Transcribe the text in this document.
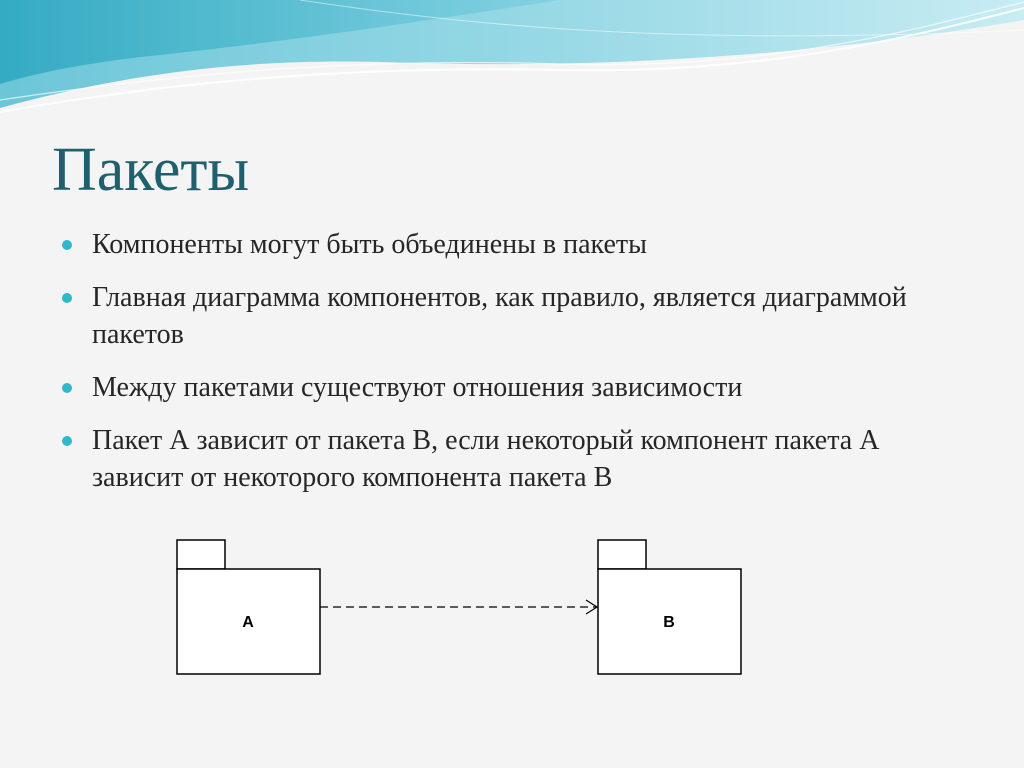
Пакеты
Компоненты могут быть объединены в пакеты
Главная диаграмма компонентов, как правило, является диаграммой пакетов
Между пакетами существуют отношения зависимости
Пакет А зависит от пакета В, если некоторый компонент пакета А зависит от некоторого компонента пакета В
A	B
